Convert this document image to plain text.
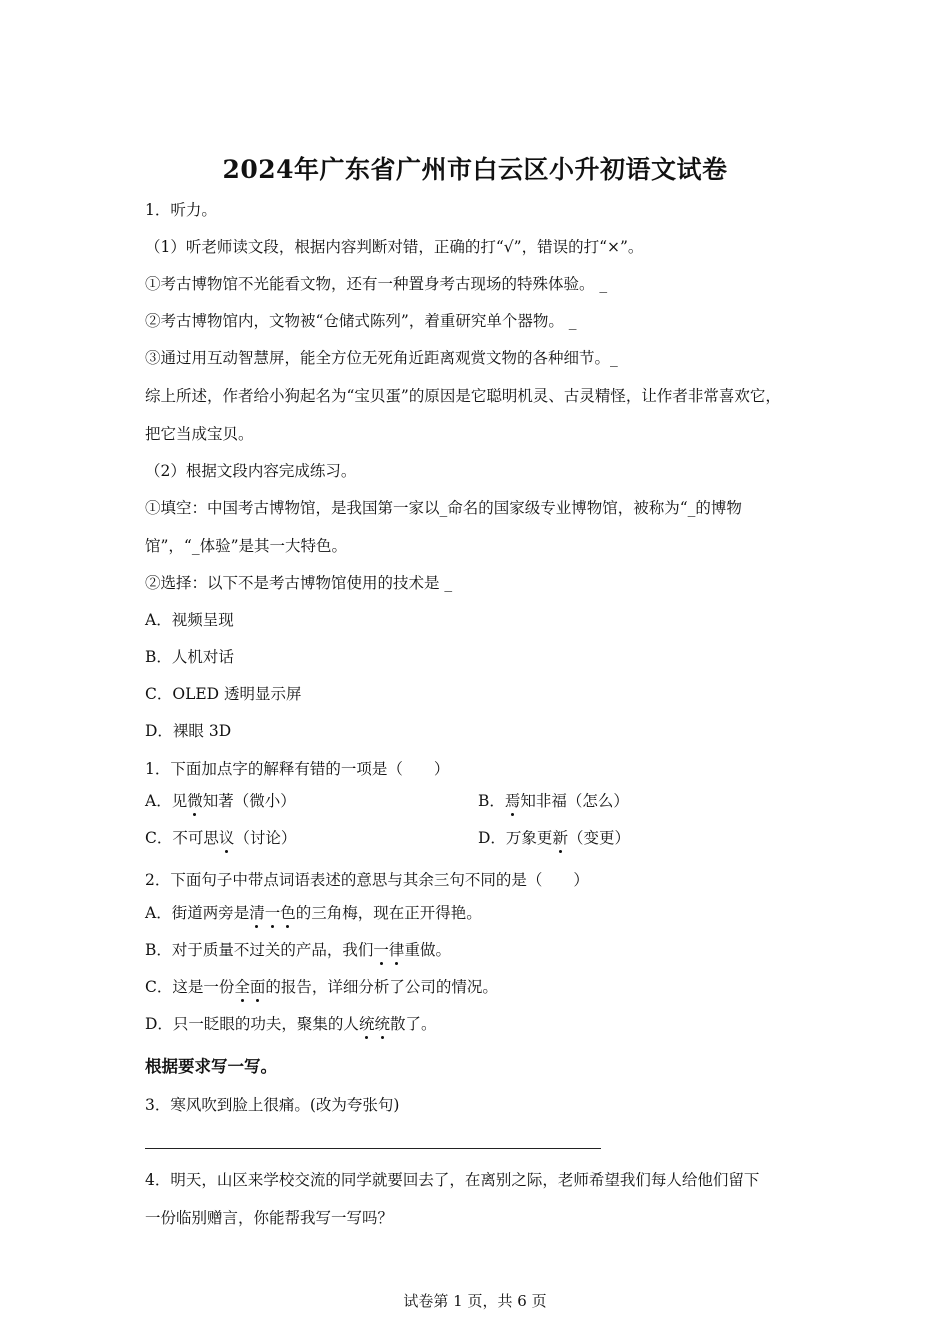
2024年广东省广州市白云区小升初语文试卷
1．听力。
（1）听老师读文段，根据内容判断对错，正确的打“√”，错误的打“×”。
①考古博物馆不光能看文物，还有一种置身考古现场的特殊体验。 _
②考古博物馆内，文物被“仓储式陈列”，着重研究单个器物。 _
③通过用互动智慧屏，能全方位无死角近距离观赏文物的各种细节。_
综上所述，作者给小狗起名为“宝贝蛋”的原因是它聪明机灵、古灵精怪，让作者非常喜欢它，
把它当成宝贝。
（2）根据文段内容完成练习。
①填空：中国考古博物馆，是我国第一家以_命名的国家级专业博物馆，被称为“_的博物
馆”，“_体验”是其一大特色。
②选择：以下不是考古博物馆使用的技术是 _
A．视频呈现
B．人机对话
C．OLED 透明显示屏
D．裸眼 3D
1．下面加点字的解释有错的一项是（　　）
A．见微知著（微小）	B．焉知非福（怎么）
C．不可思议（讨论）	D．万象更新（变更）
2．下面句子中带点词语表述的意思与其余三句不同的是（　　）
A．街道两旁是清一色的三角梅，现在正开得艳。
B．对于质量不过关的产品，我们一律重做。
C．这是一份全面的报告，详细分析了公司的情况。
D．只一眨眼的功夫，聚集的人统统散了。
根据要求写一写。
3．寒风吹到脸上很痛。(改为夸张句)
4．明天，山区来学校交流的同学就要回去了，在离别之际，老师希望我们每人给他们留下
一份临别赠言，你能帮我写一写吗？
试卷第 1 页，共 6 页
